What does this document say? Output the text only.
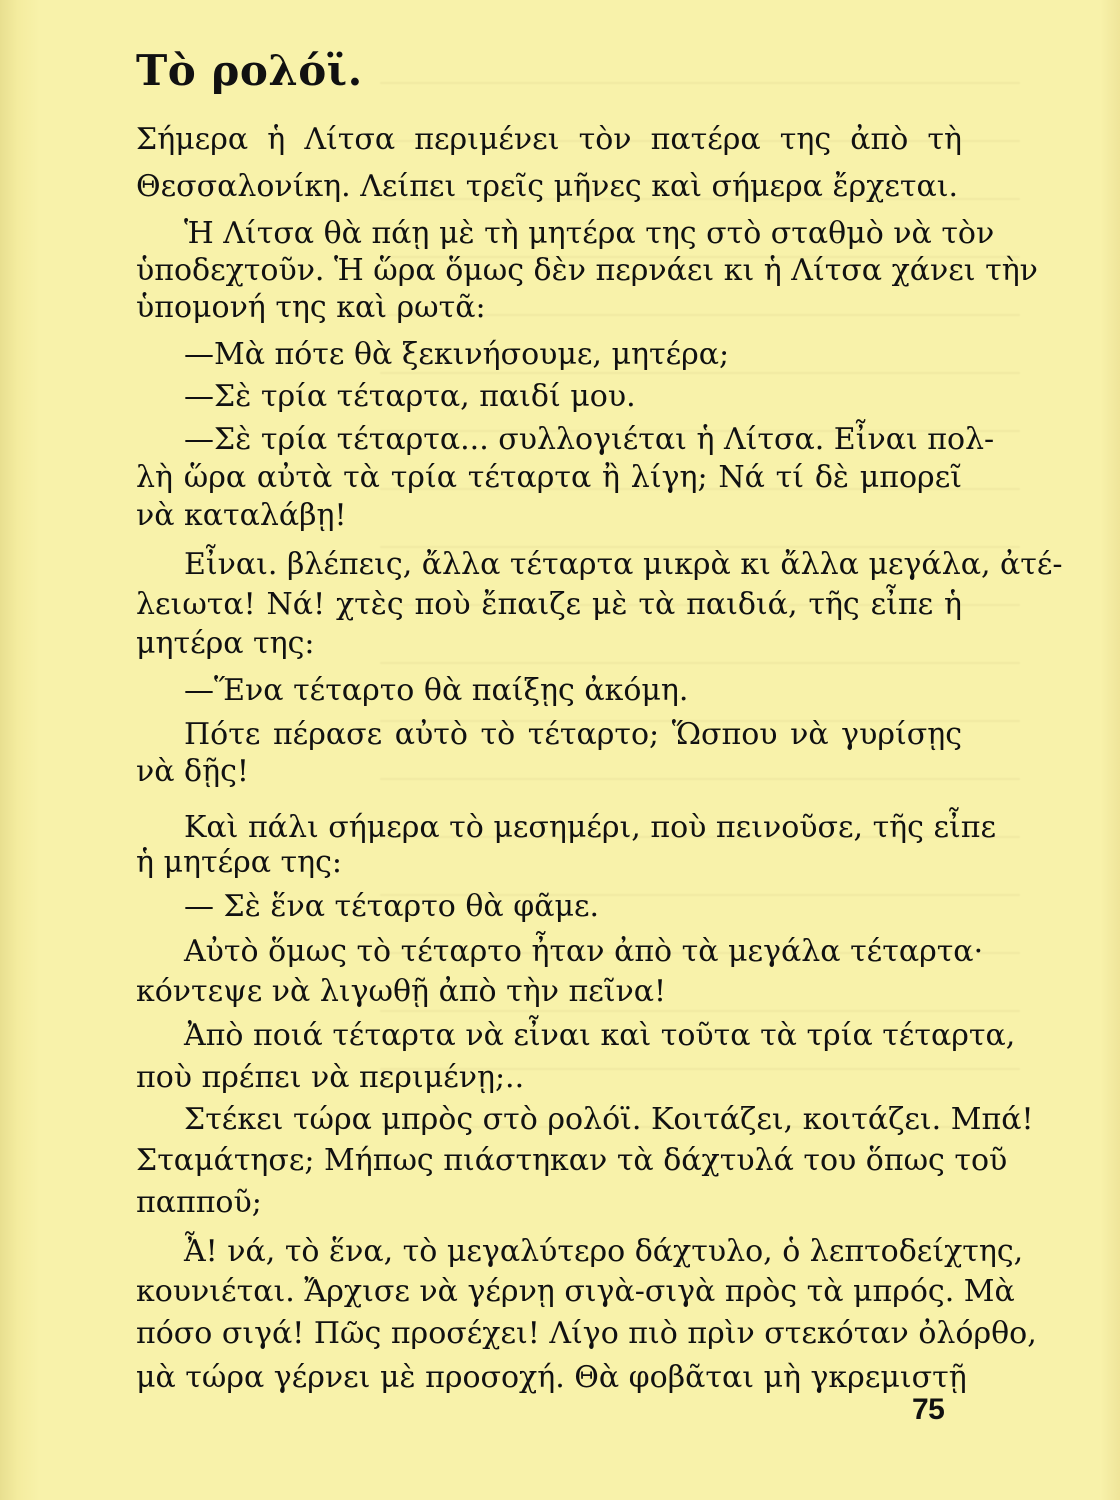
Τὸ ρολόϊ.
Σήμερα ἡ Λίτσα περιμένει τὸν πατέρα της ἀπὸ τὴ
Θεσσαλονίκη. Λείπει τρεῖς μῆνες καὶ σήμερα ἔρχεται.
Ἡ Λίτσα θὰ πάῃ μὲ τὴ μητέρα της στὸ σταθμὸ νὰ τὸν
ὑποδεχτοῦν. Ἡ ὥρα ὅμως δὲν περνάει κι ἡ Λίτσα χάνει τὴν
ὑπομονή της καὶ ρωτᾶ:
—Μὰ πότε θὰ ξεκινήσουμε, μητέρα;
—Σὲ τρία τέταρτα, παιδί μου.
—Σὲ τρία τέταρτα... συλλογιέται ἡ Λίτσα. Εἶναι πολ-
λὴ ὥρα αὐτὰ τὰ τρία τέταρτα ἢ λίγη; Νά τί δὲ μπορεῖ
νὰ καταλάβῃ!
Εἶναι. βλέπεις, ἄλλα τέταρτα μικρὰ κι ἄλλα μεγάλα, ἀτέ-
λειωτα! Νά! χτὲς ποὺ ἔπαιζε μὲ τὰ παιδιά, τῆς εἶπε ἡ
μητέρα της:
—Ἕνα τέταρτο θὰ παίξῃς ἀκόμη.
Πότε πέρασε αὐτὸ τὸ τέταρτο; Ὥσπου νὰ γυρίσῃς
νὰ δῇς!
Καὶ πάλι σήμερα τὸ μεσημέρι, ποὺ πεινοῦσε, τῆς εἶπε
ἡ μητέρα της:
— Σὲ ἕνα τέταρτο θὰ φᾶμε.
Αὐτὸ ὅμως τὸ τέταρτο ἦταν ἀπὸ τὰ μεγάλα τέταρτα·
κόντεψε νὰ λιγωθῇ ἀπὸ τὴν πεῖνα!
Ἀπὸ ποιά τέταρτα νὰ εἶναι καὶ τοῦτα τὰ τρία τέταρτα,
ποὺ πρέπει νὰ περιμένῃ;..
Στέκει τώρα μπρὸς στὸ ρολόϊ. Κοιτάζει, κοιτάζει. Μπά!
Σταμάτησε; Μήπως πιάστηκαν τὰ δάχτυλά του ὅπως τοῦ
παπποῦ;
Ἆ! νά, τὸ ἕνα, τὸ μεγαλύτερο δάχτυλο, ὁ λεπτοδείχτης,
κουνιέται. Ἄρχισε νὰ γέρνῃ σιγὰ-σιγὰ πρὸς τὰ μπρός. Μὰ
πόσο σιγά! Πῶς προσέχει! Λίγο πιὸ πρὶν στεκόταν ὀλόρθο,
μὰ τώρα γέρνει μὲ προσοχή. Θὰ φοβᾶται μὴ γκρεμιστῇ
75
